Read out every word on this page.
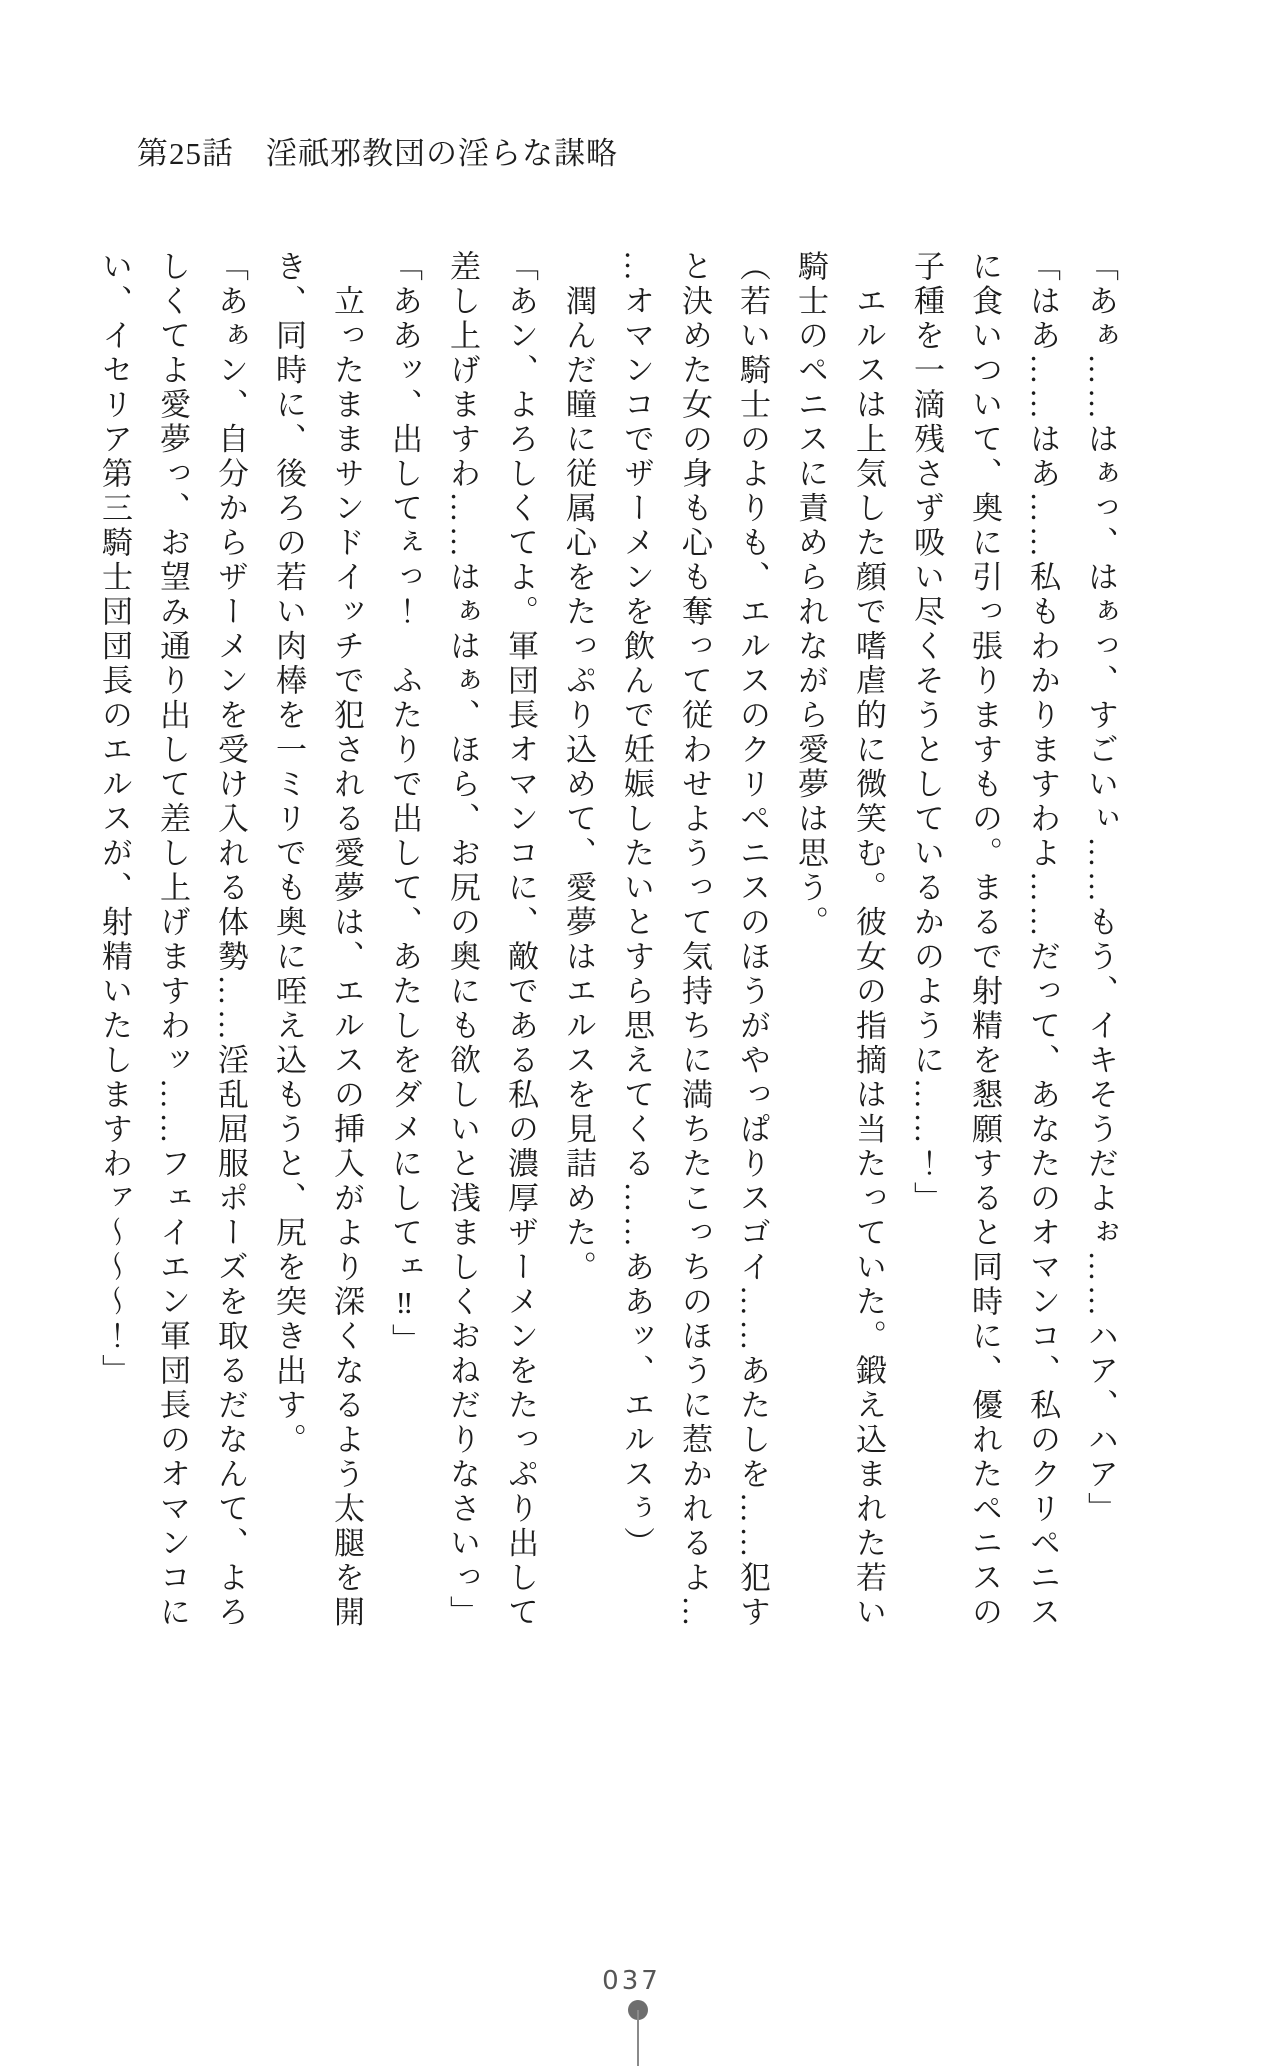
第25話　淫祇邪教団の淫らな謀略

「あぁ……はぁっ、はぁっ、すごいぃ……もう、イキそうだよぉ……ハア、ハア」

「はあ……はあ……私もわかりますわよ……だって、あなたのオマンコ、私のクリペニス

に食いついて、奥に引っ張りますもの。まるで射精を懇願すると同時に、優れたペニスの

子種を一滴残さず吸い尽くそうとしているかのように……！」

　エルスは上気した顔で嗜虐的に微笑む。彼女の指摘は当たっていた。鍛え込まれた若い

騎士のペニスに責められながら愛夢は思う。

（若い騎士のよりも、エルスのクリペニスのほうがやっぱりスゴイ……あたしを……犯す

と決めた女の身も心も奪って従わせようって気持ちに満ちたこっちのほうに惹かれるよ…

…オマンコでザーメンを飲んで妊娠したいとすら思えてくる……ああッ、エルスぅ）

　潤んだ瞳に従属心をたっぷり込めて、愛夢はエルスを見詰めた。

「あン、よろしくてよ。軍団長オマンコに、敵である私の濃厚ザーメンをたっぷり出して

差し上げますわ……はぁはぁ、ほら、お尻の奥にも欲しいと浅ましくおねだりなさいっ」

「ああッ、出してぇっ！　ふたりで出して、あたしをダメにしてェ‼」

　立ったままサンドイッチで犯される愛夢は、エルスの挿入がより深くなるよう太腿を開

き、同時に、後ろの若い肉棒を一ミリでも奥に咥え込もうと、尻を突き出す。

「あぁン、自分からザーメンを受け入れる体勢……淫乱屈服ポーズを取るだなんて、よろ

しくてよ愛夢っ、お望み通り出して差し上げますわッ……フェイエン軍団長のオマンコに

い、イセリア第三騎士団団長のエルスが、射精いたしますわァ～～～！」

037
